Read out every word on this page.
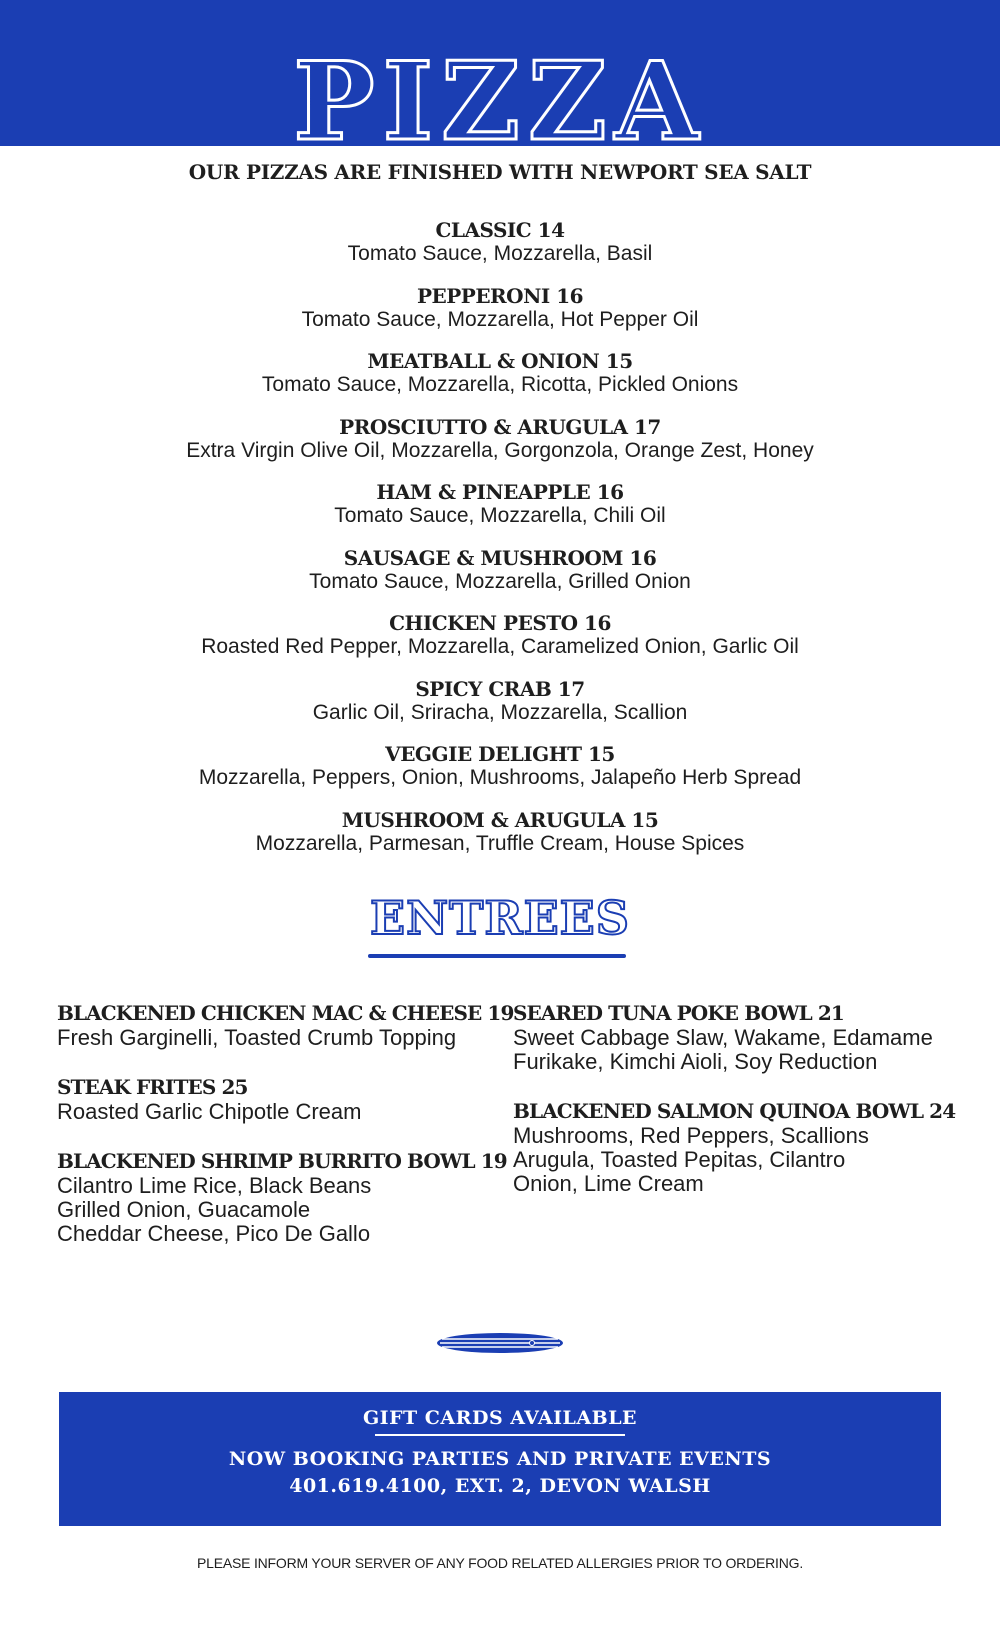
PIZZA
OUR PIZZAS ARE FINISHED WITH NEWPORT SEA SALT
CLASSIC 14
Tomato Sauce, Mozzarella, Basil
PEPPERONI 16
Tomato Sauce, Mozzarella, Hot Pepper Oil
MEATBALL & ONION 15
Tomato Sauce, Mozzarella, Ricotta, Pickled Onions
PROSCIUTTO & ARUGULA 17
Extra Virgin Olive Oil, Mozzarella, Gorgonzola, Orange Zest, Honey
HAM & PINEAPPLE 16
Tomato Sauce, Mozzarella, Chili Oil
SAUSAGE & MUSHROOM 16
Tomato Sauce, Mozzarella, Grilled Onion
CHICKEN PESTO 16
Roasted Red Pepper, Mozzarella, Caramelized Onion, Garlic Oil
SPICY CRAB 17
Garlic Oil, Sriracha, Mozzarella, Scallion
VEGGIE DELIGHT 15
Mozzarella, Peppers, Onion, Mushrooms, Jalapeño Herb Spread
MUSHROOM & ARUGULA 15
Mozzarella, Parmesan, Truffle Cream, House Spices
ENTREES
BLACKENED CHICKEN MAC & CHEESE 19
Fresh Garginelli, Toasted Crumb Topping
STEAK FRITES 25
Roasted Garlic Chipotle Cream
BLACKENED SHRIMP BURRITO BOWL 19
Cilantro Lime Rice, Black Beans
Grilled Onion, Guacamole
Cheddar Cheese, Pico De Gallo
SEARED TUNA POKE BOWL 21
Sweet Cabbage Slaw, Wakame, Edamame
Furikake, Kimchi Aioli, Soy Reduction
BLACKENED SALMON QUINOA BOWL 24
Mushrooms, Red Peppers, Scallions
Arugula, Toasted Pepitas, Cilantro
Onion, Lime Cream
GIFT CARDS AVAILABLE
NOW BOOKING PARTIES AND PRIVATE EVENTS
401.619.4100, EXT. 2, DEVON WALSH
PLEASE INFORM YOUR SERVER OF ANY FOOD RELATED ALLERGIES PRIOR TO ORDERING.
